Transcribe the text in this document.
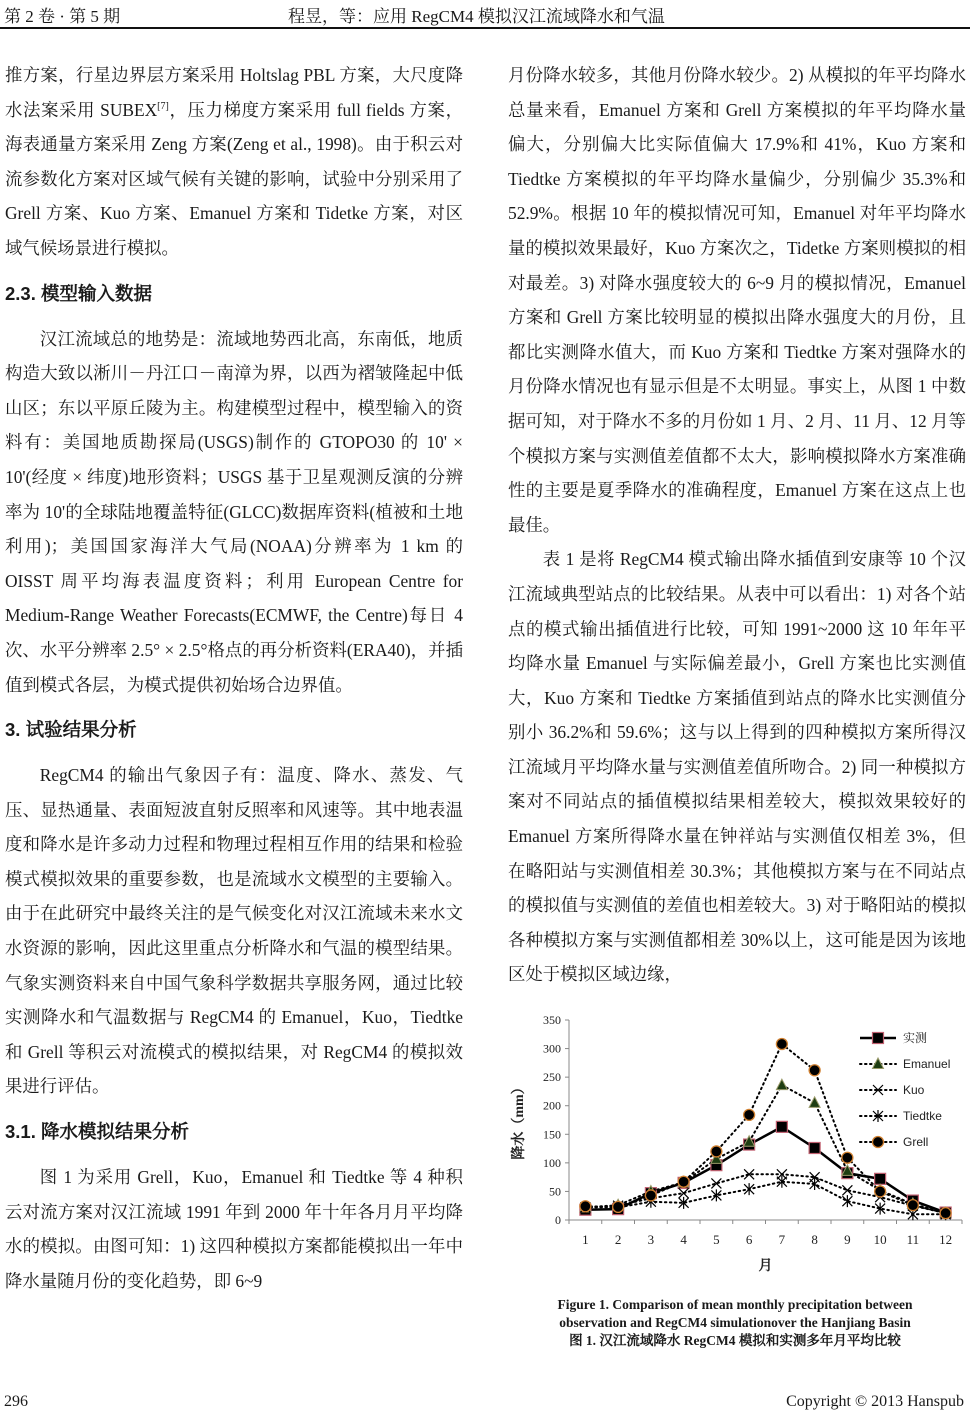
第 2 卷 · 第 5 期	程昱，等：应用 RegCM4 模拟汉江流域降水和气温

推方案，行星边界层方案采用 Holtslag PBL 方案，大尺度降水法案采用 SUBEX[7]，压力梯度方案采用 full fields 方案，海表通量方案采用 Zeng 方案(Zeng et al., 1998)。由于积云对流参数化方案对区域气候有关键的影响，试验中分别采用了 Grell 方案、Kuo 方案、Emanuel 方案和 Tidetke 方案，对区域气候场景进行模拟。

2.3. 模型输入数据

汉江流域总的地势是：流域地势西北高，东南低，地质构造大致以淅川－丹江口－南漳为界，以西为褶皱隆起中低山区；东以平原丘陵为主。构建模型过程中，模型输入的资料有：美国地质勘探局(USGS)制作的 GTOPO30 的 10' × 10'(经度 × 纬度)地形资料；USGS 基于卫星观测反演的分辨率为 10'的全球陆地覆盖特征(GLCC)数据库资料(植被和土地利用)；美国国家海洋大气局(NOAA)分辨率为 1 km 的 OISST 周平均海表温度资料；利用 European Centre for Medium-Range Weather Forecasts(ECMWF, the Centre)每日 4 次、水平分辨率 2.5° × 2.5°格点的再分析资料(ERA40)，并插值到模式各层，为模式提供初始场合边界值。

3. 试验结果分析

RegCM4 的输出气象因子有：温度、降水、蒸发、气压、显热通量、表面短波直射反照率和风速等。其中地表温度和降水是许多动力过程和物理过程相互作用的结果和检验模式模拟效果的重要参数，也是流域水文模型的主要输入。由于在此研究中最终关注的是气候变化对汉江流域未来水文水资源的影响，因此这里重点分析降水和气温的模型结果。气象实测资料来自中国气象科学数据共享服务网，通过比较实测降水和气温数据与 RegCM4 的 Emanuel，Kuo，Tiedtke 和 Grell 等积云对流模式的模拟结果，对 RegCM4 的模拟效果进行评估。

3.1. 降水模拟结果分析

图 1 为采用 Grell，Kuo，Emanuel 和 Tiedtke 等 4 种积云对流方案对汉江流域 1991 年到 2000 年十年各月月平均降水的模拟。由图可知：1) 这四种模拟方案都能模拟出一年中降水量随月份的变化趋势，即 6~9

月份降水较多，其他月份降水较少。2) 从模拟的年平均降水总量来看，Emanuel 方案和 Grell 方案模拟的年平均降水量偏大，分别偏大比实际值偏大 17.9%和 41%，Kuo 方案和 Tiedtke 方案模拟的年平均降水量偏少，分别偏少 35.3%和 52.9%。根据 10 年的模拟情况可知，Emanuel 对年平均降水量的模拟效果最好，Kuo 方案次之，Tidetke 方案则模拟的相对最差。3) 对降水强度较大的 6~9 月的模拟情况，Emanuel 方案和 Grell 方案比较明显的模拟出降水强度大的月份，且都比实测降水值大，而 Kuo 方案和 Tiedtke 方案对强降水的月份降水情况也有显示但是不太明显。事实上，从图 1 中数据可知，对于降水不多的月份如 1 月、2 月、11 月、12 月等个模拟方案与实测值差值都不太大，影响模拟降水方案准确性的主要是夏季降水的准确程度，Emanuel 方案在这点上也最佳。

表 1 是将 RegCM4 模式输出降水插值到安康等 10 个汉江流域典型站点的比较结果。从表中可以看出：1) 对各个站点的模式输出插值进行比较，可知 1991~2000 这 10 年年平均降水量 Emanuel 与实际偏差最小，Grell 方案也比实测值大，Kuo 方案和 Tiedtke 方案插值到站点的降水比实测值分别小 36.2%和 59.6%；这与以上得到的四种模拟方案所得汉江流域月平均降水量与实测值差值所吻合。2) 同一种模拟方案对不同站点的插值模拟结果相差较大，模拟效果较好的 Emanuel 方案所得降水量在钟祥站与实测值仅相差 3%，但在略阳站与实测值相差 30.3%；其他模拟方案与在不同站点的模拟值与实测值的差值也相差较大。3) 对于略阳站的模拟各种模拟方案与实测值都相差 30%以上，这可能是因为该地区处于模拟区域边缘，

0
50
100
150
200
250
300
350
1 2 3 4 5 6 7 8 9 10 11 12
月
降水（mm）
实测
Emanuel
Kuo
Tiedtke
Grell
Figure 1. Comparison of mean monthly precipitation between
observation and RegCM4 simulationover the Hanjiang Basin
图 1. 汉江流域降水 RegCM4 模拟和实测多年月平均比较
296	Copyright © 2013 Hanspub
